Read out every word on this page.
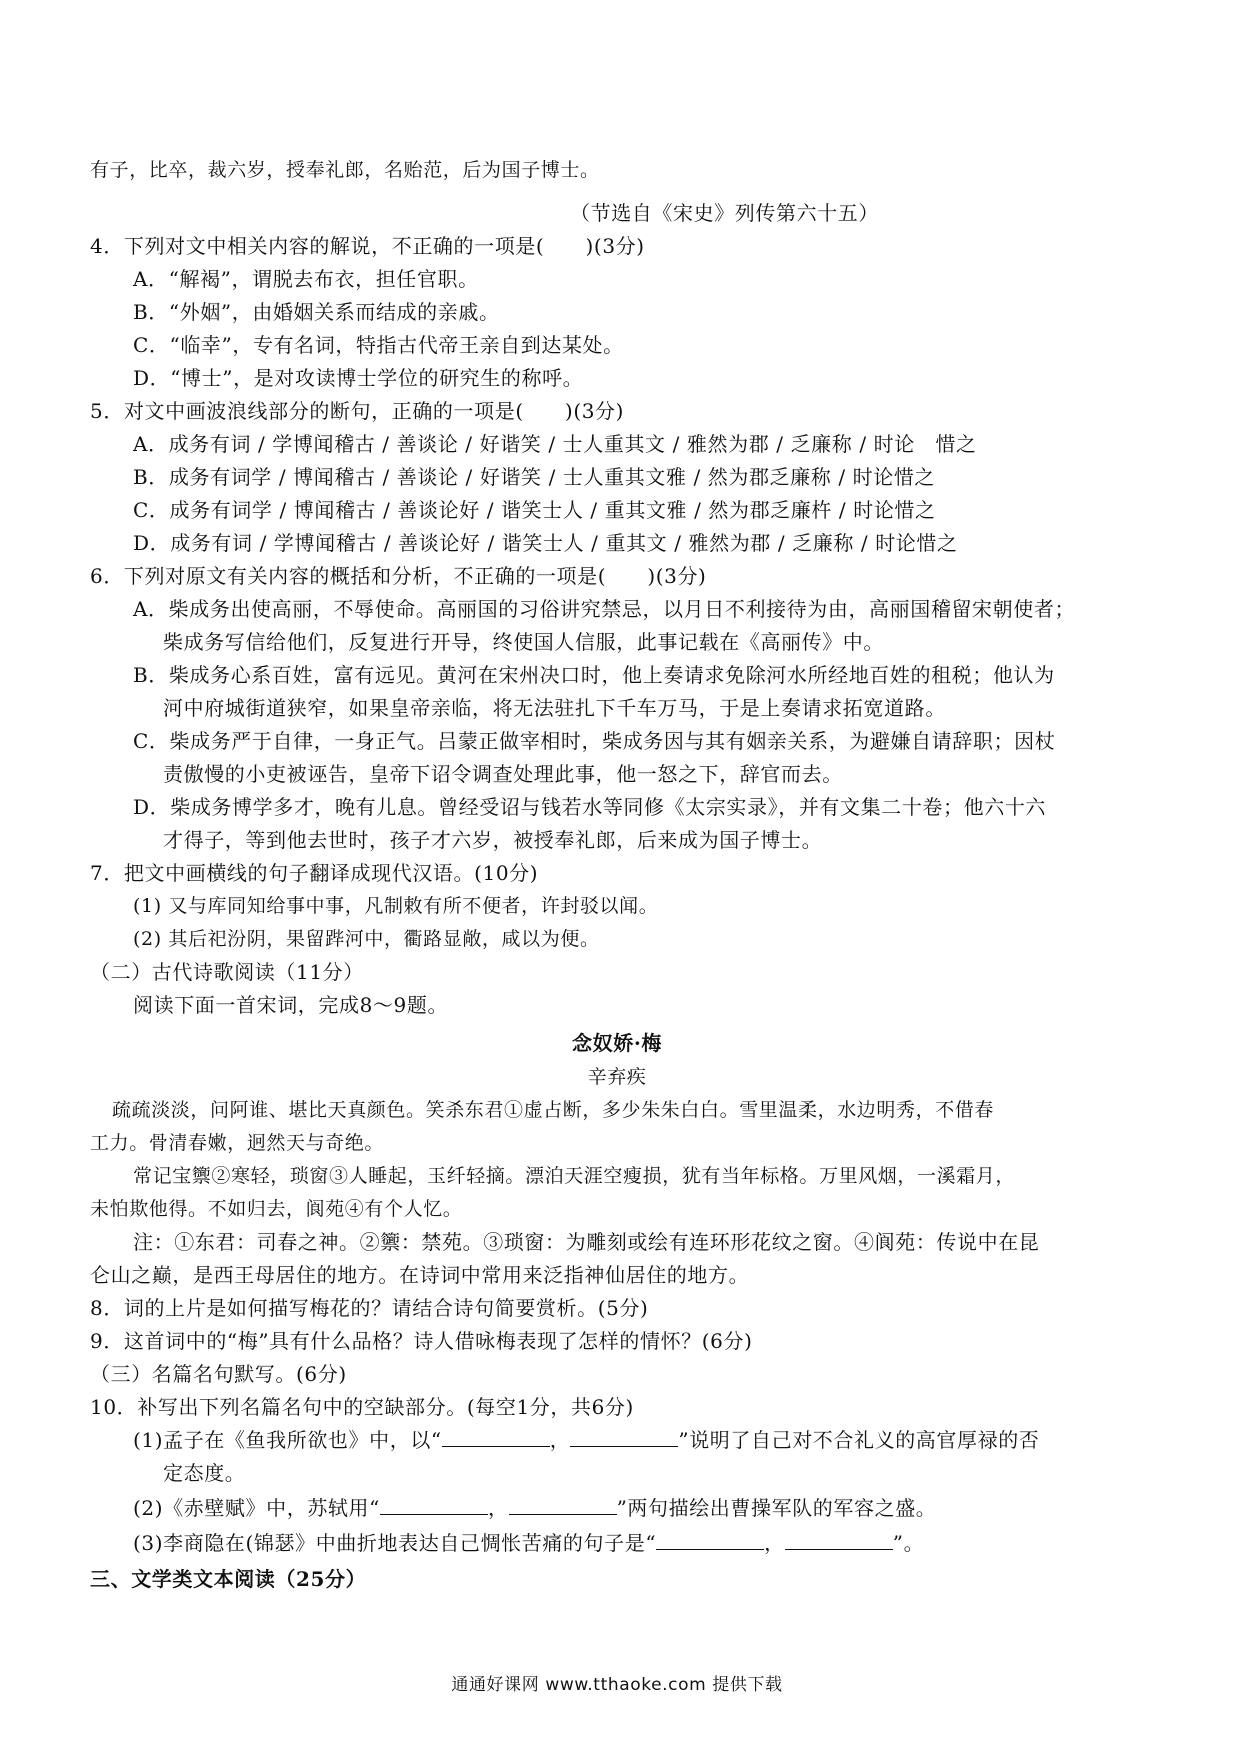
有子，比卒，裁六岁，授奉礼郎，名贻范，后为国子博士。
（节选自《宋史》列传第六十五）
4．下列对文中相关内容的解说，不正确的一项是(　　)(3分)
A．“解褐”，谓脱去布衣，担任官职。
B．“外姻”，由婚姻关系而结成的亲戚。
C．“临幸”，专有名词，特指古代帝王亲自到达某处。
D．“博士”，是对攻读博士学位的研究生的称呼。
5．对文中画波浪线部分的断句，正确的一项是(　　)(3分)
A．成务有词 / 学博闻稽古 / 善谈论 / 好谐笑 / 士人重其文 / 雅然为郡 / 乏廉称 / 时论　惜之
B．成务有词学 / 博闻稽古 / 善谈论 / 好谐笑 / 士人重其文雅 / 然为郡乏廉称 / 时论惜之
C．成务有词学 / 博闻稽古 / 善谈论好 / 谐笑士人 / 重其文雅 / 然为郡乏廉杵 / 时论惜之
D．成务有词 / 学博闻稽古 / 善谈论好 / 谐笑士人 / 重其文 / 雅然为郡 / 乏廉称 / 时论惜之
6．下列对原文有关内容的概括和分析，不正确的一项是(　　)(3分)
A．柴成务出使高丽，不辱使命。高丽国的习俗讲究禁忌，以月日不利接待为由，高丽国稽留宋朝使者；
柴成务写信给他们，反复进行开导，终使国人信服，此事记载在《高丽传》中。
B．柴成务心系百姓，富有远见。黄河在宋州决口时，他上奏请求免除河水所经地百姓的租税；他认为
河中府城街道狭窄，如果皇帝亲临，将无法驻扎下千车万马，于是上奏请求拓宽道路。
C．柴成务严于自律，一身正气。吕蒙正做宰相时，柴成务因与其有姻亲关系，为避嫌自请辞职；因杖
责傲慢的小吏被诬告，皇帝下诏令调查处理此事，他一怒之下，辞官而去。
D．柴成务博学多才，晚有儿息。曾经受诏与钱若水等同修《太宗实录》，并有文集二十卷；他六十六
才得子，等到他去世时，孩子才六岁，被授奉礼郎，后来成为国子博士。
7．把文中画横线的句子翻译成现代汉语。(10分)
(1) 又与库同知给事中事，凡制敕有所不便者，许封驳以闻。
(2) 其后祀汾阴，果留跸河中，衢路显敞，咸以为便。
（二）古代诗歌阅读（11分）
阅读下面一首宋词，完成8～9题。
念奴娇·梅
辛弃疾
疏疏淡淡，问阿谁、堪比天真颜色。笑杀东君①虚占断，多少朱朱白白。雪里温柔，水边明秀，不借春
工力。骨清春嫩，迥然天与奇绝。
常记宝籞②寒轻，琐窗③人睡起，玉纤轻摘。漂泊天涯空瘦损，犹有当年标格。万里风烟，一溪霜月，
未怕欺他得。不如归去，阆苑④有个人忆。
注：①东君：司春之神。②籞：禁苑。③琐窗：为雕刻或绘有连环形花纹之窗。④阆苑：传说中在昆
仑山之巅，是西王母居住的地方。在诗词中常用来泛指神仙居住的地方。
8．词的上片是如何描写梅花的？请结合诗句简要赏析。(5分)
9．这首词中的“梅”具有什么品格？诗人借咏梅表现了怎样的情怀？(6分)
（三）名篇名句默写。(6分)
10．补写出下列名篇名句中的空缺部分。(每空1分，共6分)
(1)孟子在《鱼我所欲也》中，以“	，	”说明了自己对不合礼义的高官厚禄的否
定态度。
(2)《赤壁赋》中，苏轼用“	，	”两句描绘出曹操军队的军容之盛。
(3)李商隐在(锦瑟》中曲折地表达自己惆怅苦痛的句子是“	，	”。
三、文学类文本阅读（25分）
通通好课网 www.tthaoke.com 提供下载
